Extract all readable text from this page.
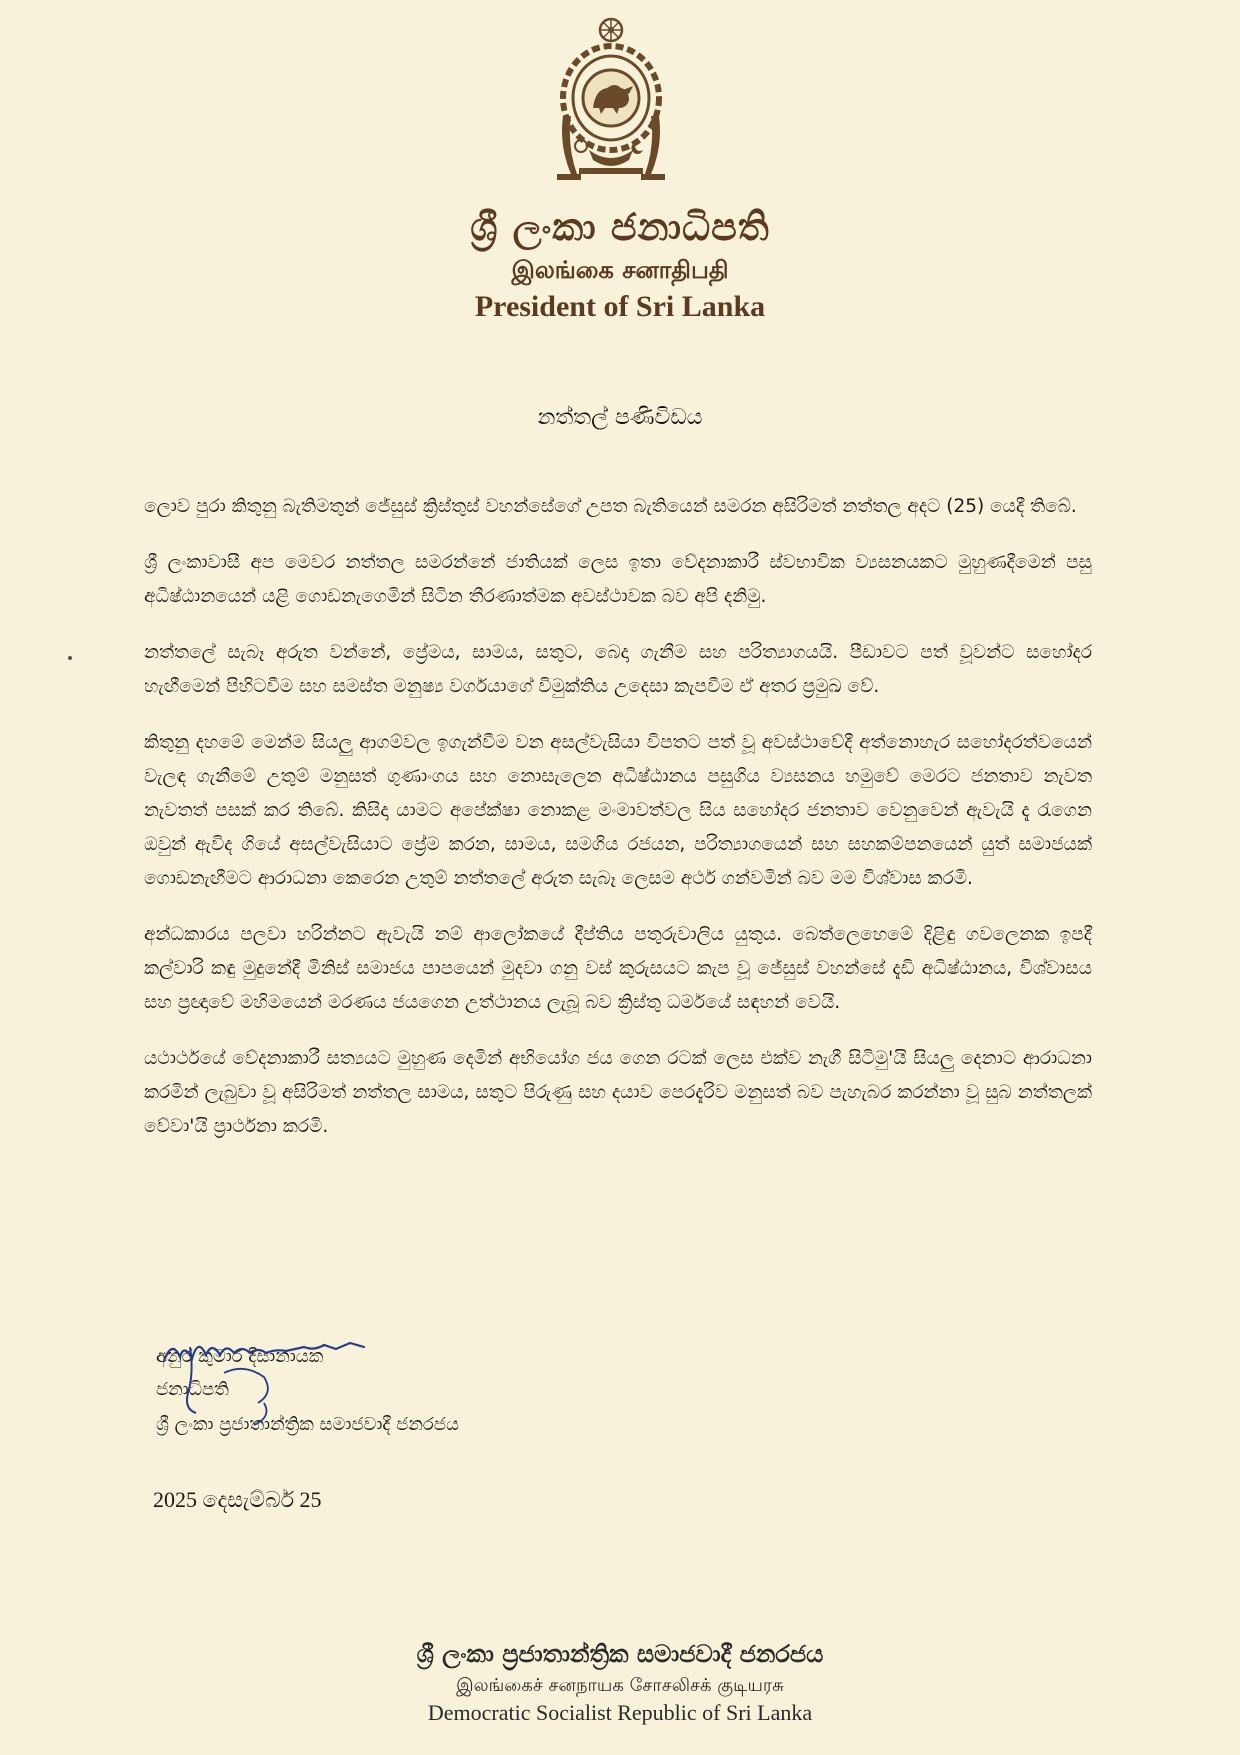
ශ්‍රී ලංකා ජනාධිපති
இலங்கை சனாதிபதி
President of Sri Lanka
නත්තල් පණිවිඩය

ලොව පුරා කිතුනු බැතිමතුන් ජේසුස් ක්‍රිස්තුස් වහන්සේගේ උපත බැතියෙන් සමරන අසිරිමත් නත්තල අදට (25) යෙදී තිබේ.

ශ්‍රී ලංකාවාසී අප මෙවර නත්තල සමරන්නේ ජාතියක් ලෙස ඉතා වේදනාකාරී ස්වභාවික ව්‍යසනයකට මුහුණදීමෙන් පසු අධිෂ්ඨානයෙන් යළි ගොඩනැගෙමින් සිටින තීරණාත්මක අවස්ථාවක බව අපි දනිමු.

නත්තලේ සැබෑ අරුත වන්නේ, ප්‍රේමය, සාමය, සතුට, බෙදා ගැනීම සහ පරිත්‍යාගයයි. පීඩාවට පත් වූවන්ට සහෝදර හැඟීමෙන් පිහිටවීම සහ සමස්ත මනුෂ්‍ය වර්ගයාගේ විමුක්තිය උදෙසා කැපවීම ඒ අතර ප්‍රමුඛ වේ.

කිතුනු දහමේ මෙන්ම සියලු ආගම්වල ඉගැන්වීම වන අසල්වැසියා විපතට පත් වූ අවස්ථාවේදී අත්නොහැර සහෝදරත්වයෙන් වැලඳ ගැනීමේ උතුම් මනුසත් ගුණාංගය සහ නොසැලෙන අධිෂ්ඨානය පසුගිය ව්‍යසනය හමුවේ මෙරට ජනතාව නැවත නැවතත් පසක් කර තිබේ. කිසිදා යාමට අපේක්ෂා නොකළ මංමාවත්වල සිය සහෝදර ජනතාව වෙනුවෙන් ඇවැයි දැ රැගෙන ඔවුන් ඇවිද ගියේ අසල්වැසියාට ප්‍රේම කරන, සාමය, සමගිය රජයන, පරිත්‍යාගයෙන් සහ සහකම්පනයෙන් යුත් සමාජයක් ගොඩනැඟීමට ආරාධනා කෙරෙන උතුම් නත්තලේ අරුත සැබෑ ලෙසම අර්ථ ගන්වමින් බව මම විශ්වාස කරමි.

අන්ධකාරය පලවා හරින්නට ඇවැයි නම් ආලෝකයේ දීප්තිය පතුරුවාලිය යුතුය. බෙත්ලෙහෙමේ දිළිඳු ගවලෙනක ඉපදී කල්වාරි කඳු මුදුනේදී මිනිස් සමාජය පාපයෙන් මුදවා ගනු වස් කුරුසයට කැප වූ ජේසුස් වහන්සේ දැඩි අධිෂ්ඨානය, විශ්වාසය සහ ප්‍රඥාවේ මහිමයෙන් මරණය ජයගෙන උත්ථානය ලැබූ බව ක්‍රිස්තු ධර්මයේ සඳහන් වෙයි.

යථාර්ථයේ වේදනාකාරී සත්‍යයට මුහුණ දෙමින් අභියෝග ජය ගෙන රටක් ලෙස එක්ව නැගී සිටිමු'යි සියලු දෙනාට ආරාධනා කරමින් ලැබුවා වූ අසිරිමත් නත්තල සාමය, සතුට පිරුණු සහ දයාව පෙරදැරිව මනුසත් බව පැහැබර කරන්නා වූ සුබ නත්තලක් වේවා'යි ප්‍රාර්ථනා කරමි.

අනුර කුමාර දිසානායක
ජනාධිපති
ශ්‍රී ලංකා ප්‍රජාතාන්ත්‍රික සමාජවාදී ජනරජය
2025 දෙසැම්බර් 25
ශ්‍රී ලංකා ප්‍රජාතාන්ත්‍රික සමාජවාදී ජනරජය
இலங்கைச் சனநாயக சோசலிசக் குடியரசு
Democratic Socialist Republic of Sri Lanka
